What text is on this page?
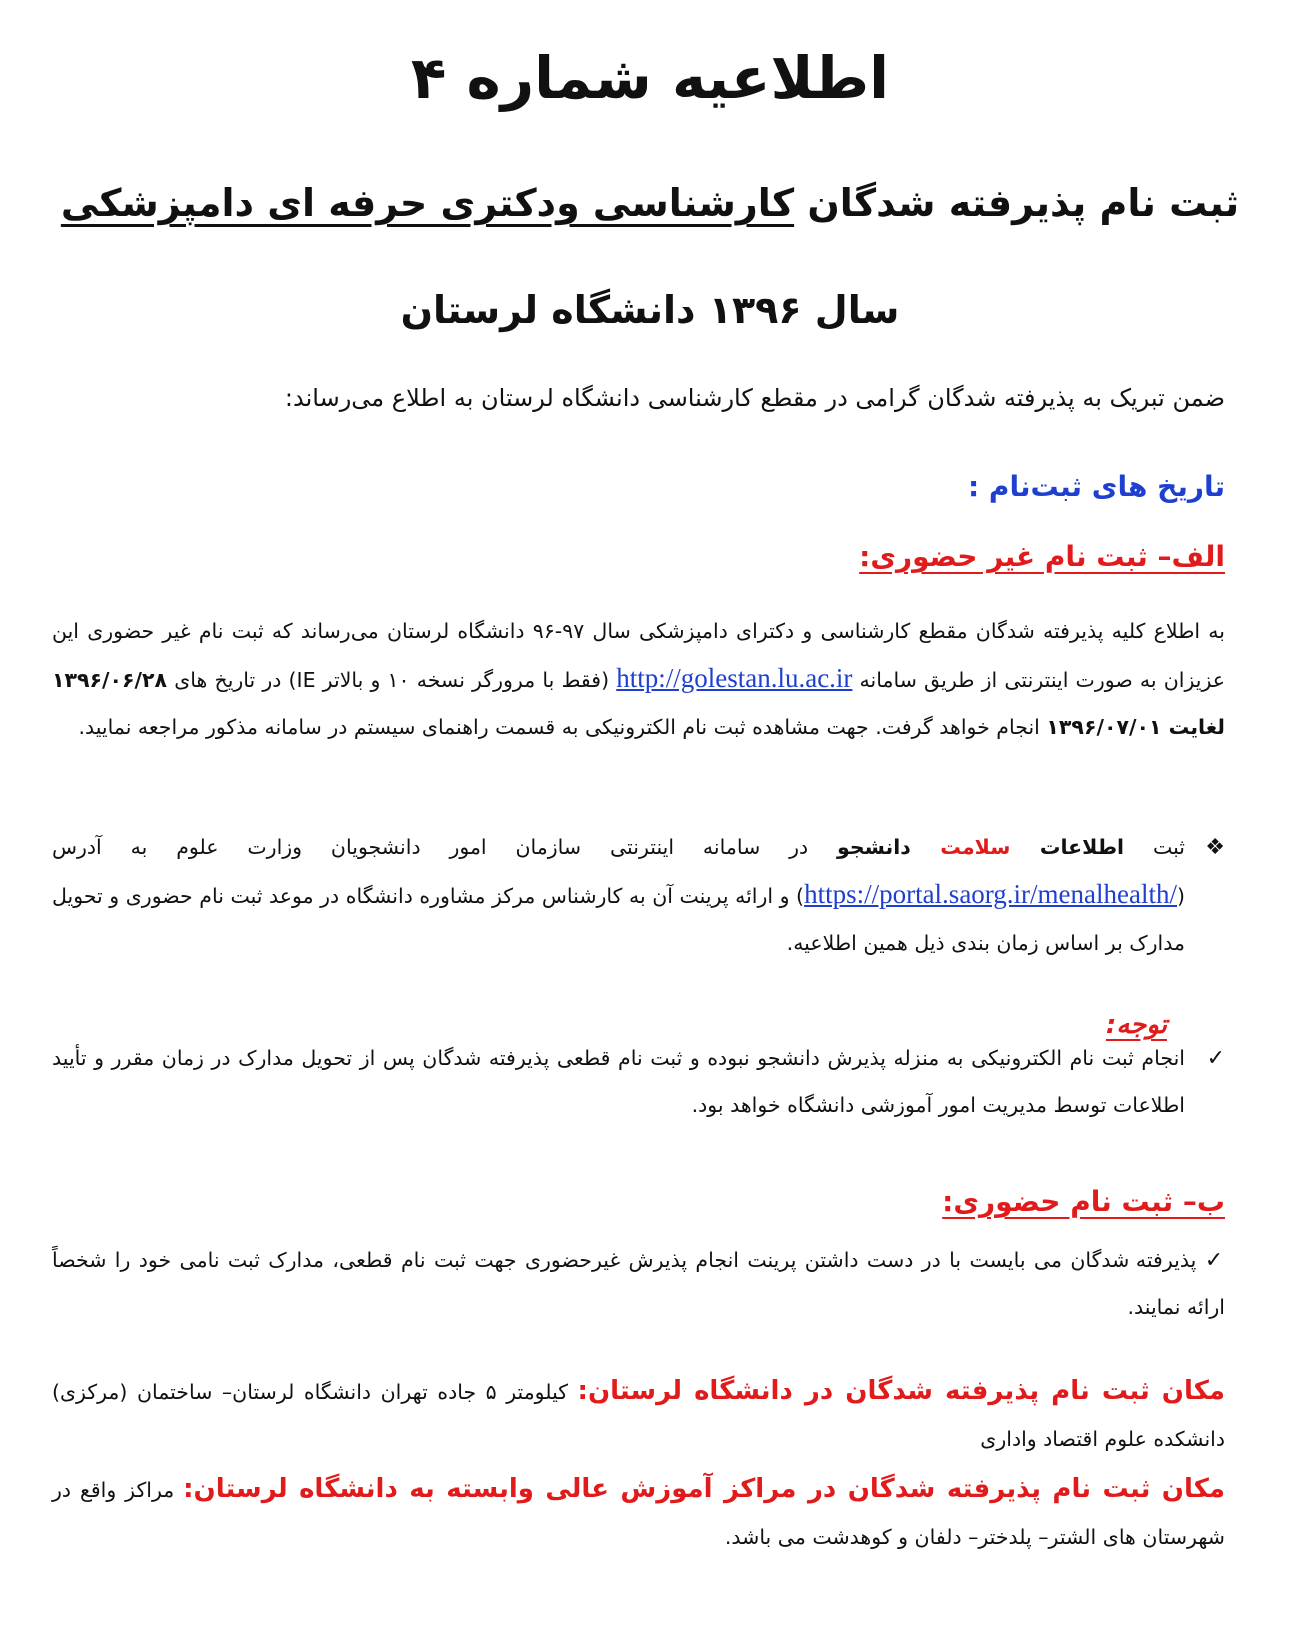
اطلاعیه شماره ۴
ثبت نام پذیرفته شدگان کارشناسی ودکتری حرفه ای دامپزشکی
سال ۱۳۹۶ دانشگاه لرستان
ضمن تبریک به پذیرفته شدگان گرامی در مقطع کارشناسی دانشگاه لرستان به اطلاع می‌رساند:
تاریخ های ثبت‌نام :
الف– ثبت نام غیر حضوری:
به اطلاع کلیه پذیرفته شدگان مقطع کارشناسی و دکترای دامپزشکی سال ۹۷-۹۶ دانشگاه لرستان می‌رساند که ثبت نام غیر حضوری این عزیزان به صورت اینترنتی از طریق سامانه http://golestan.lu.ac.ir (فقط با مرورگر نسخه ۱۰ و بالاتر IE) در تاریخ های ۱۳۹۶/۰۶/۲۸ لغایت ۱۳۹۶/۰۷/۰۱ انجام خواهد گرفت. جهت مشاهده ثبت نام الکترونیکی به قسمت راهنمای سیستم در سامانه مذکور مراجعه نمایید.
❖
ثبت اطلاعات سلامت دانشجو در سامانه اینترنتی سازمان امور دانشجویان وزارت علوم به آدرس (https://portal.saorg.ir/menalhealth/) و ارائه پرینت آن به کارشناس مرکز مشاوره دانشگاه در موعد ثبت نام حضوری و تحویل مدارک بر اساس زمان بندی ذیل همین اطلاعیه.
توجه:
✓
انجام ثبت نام الکترونیکی به منزله پذیرش دانشجو نبوده و ثبت نام قطعی پذیرفته شدگان پس از تحویل مدارک در زمان مقرر و تأیید اطلاعات توسط مدیریت امور آموزشی دانشگاه خواهد بود.
ب– ثبت نام حضوری:
✓ پذیرفته شدگان می بایست با در دست داشتن پرینت انجام پذیرش غیرحضوری جهت ثبت نام قطعی، مدارک ثبت نامی خود را شخصاً ارائه نمایند.
مکان ثبت نام پذیرفته شدگان در دانشگاه لرستان: کیلومتر ۵ جاده تهران دانشگاه لرستان– ساختمان (مرکزی) دانشکده علوم اقتصاد واداری
مکان ثبت نام پذیرفته شدگان در مراکز آموزش عالی وابسته به دانشگاه لرستان: مراکز واقع در شهرستان های الشتر– پلدختر– دلفان و کوهدشت می باشد.
